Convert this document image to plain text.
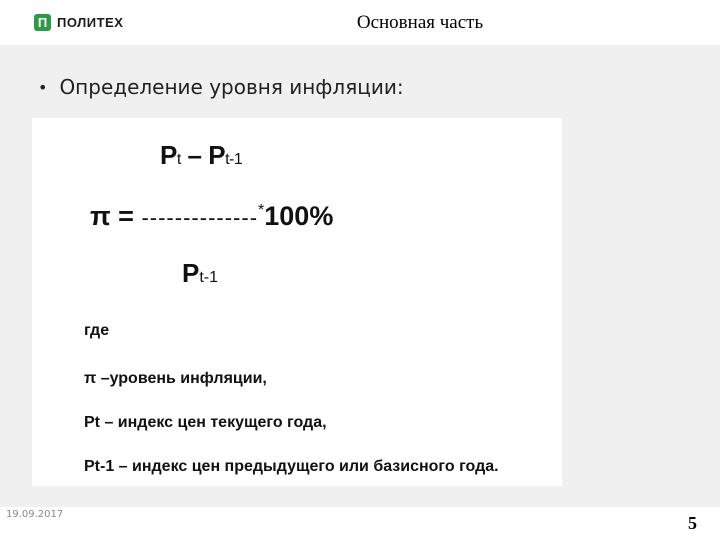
П ПОЛИТЕХ	Основная часть
• Определение уровня инфляции:
Pt – Pt-1
π = --------------*100%
Pt-1
где
π –уровень инфляции,
Pt – индекс цен текущего года,
Pt-1 – индекс цен предыдущего или базисного года.
19.09.2017	5
